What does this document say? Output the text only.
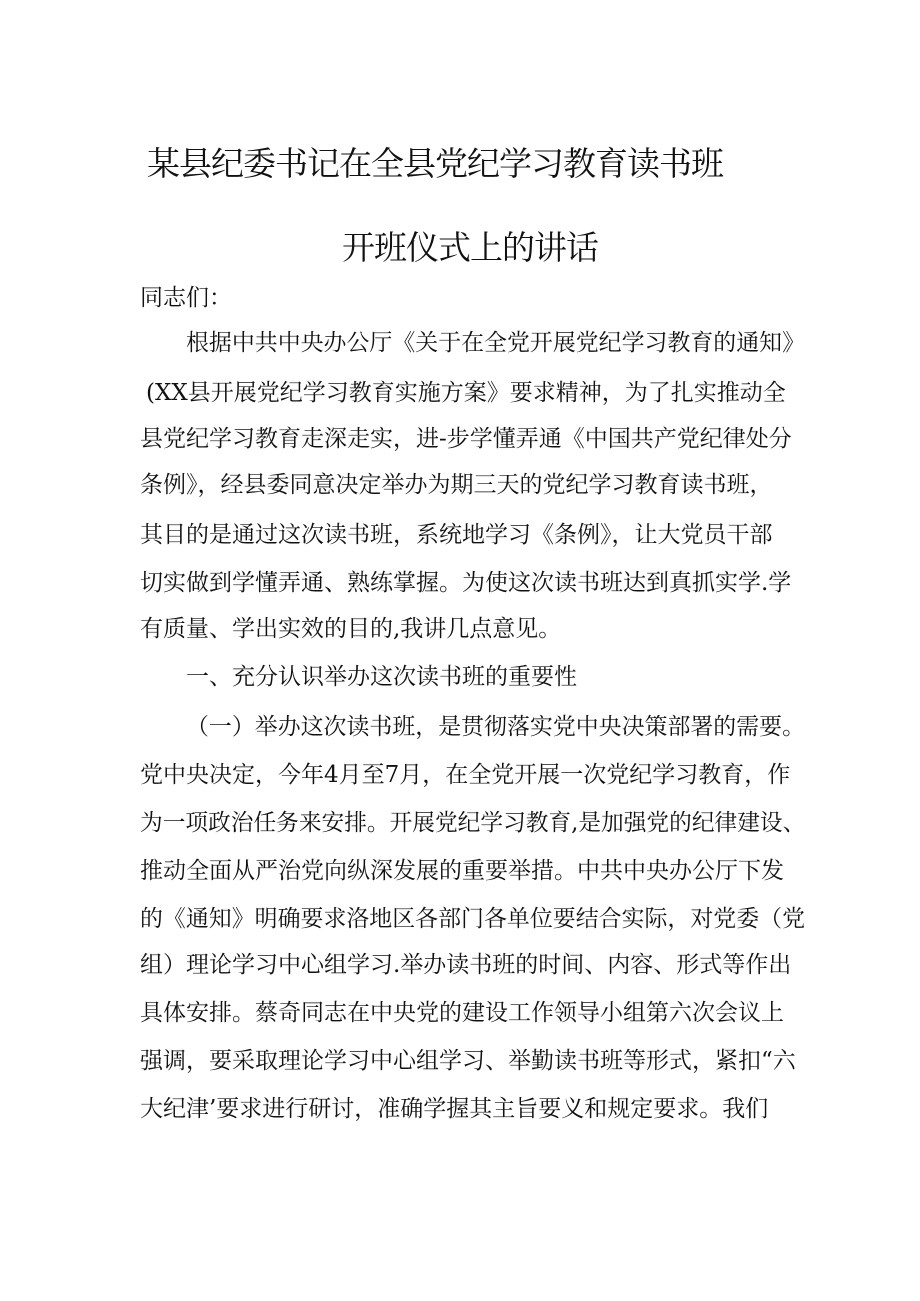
某县纪委书记在全县党纪学习教育读书班
开班仪式上的讲话

同志们：

根据中共中央办公厅《关于在全党开展党纪学习教育的通知》

(XX县开展党纪学习教育实施方案》要求精神，为了扎实推动全

县党纪学习教育走深走实，进-步学懂弄通《中国共产党纪律处分

条例》，经县委同意决定举办为期三天的党纪学习教育读书班，

其目的是通过这次读书班，系统地学习《条例》，让大党员干部

切实做到学懂弄通、熟练掌握。为使这次读书班达到真抓实学.学

有质量、学出实效的目的,我讲几点意见。

一、充分认识举办这次读书班的重要性

（一）举办这次读书班，是贯彻落实党中央决策部署的需要。

党中央决定，今年4月至7月，在全党开展一次党纪学习教育，作

为一项政治任务来安排。开展党纪学习教育,是加强党的纪律建设、

推动全面从严治党向纵深发展的重要举措。中共中央办公厅下发

的《通知》明确要求洛地区各部门各单位要结合实际，对党委（党

组）理论学习中心组学习.举办读书班的时间、内容、形式等作出

具体安排。蔡奇同志在中央党的建设工作领导小组第六次会议上

强调，要采取理论学习中心组学习、举勤读书班等形式，紧扣“六

大纪津’要求进行研讨，准确学握其主旨要义和规定要求。我们
